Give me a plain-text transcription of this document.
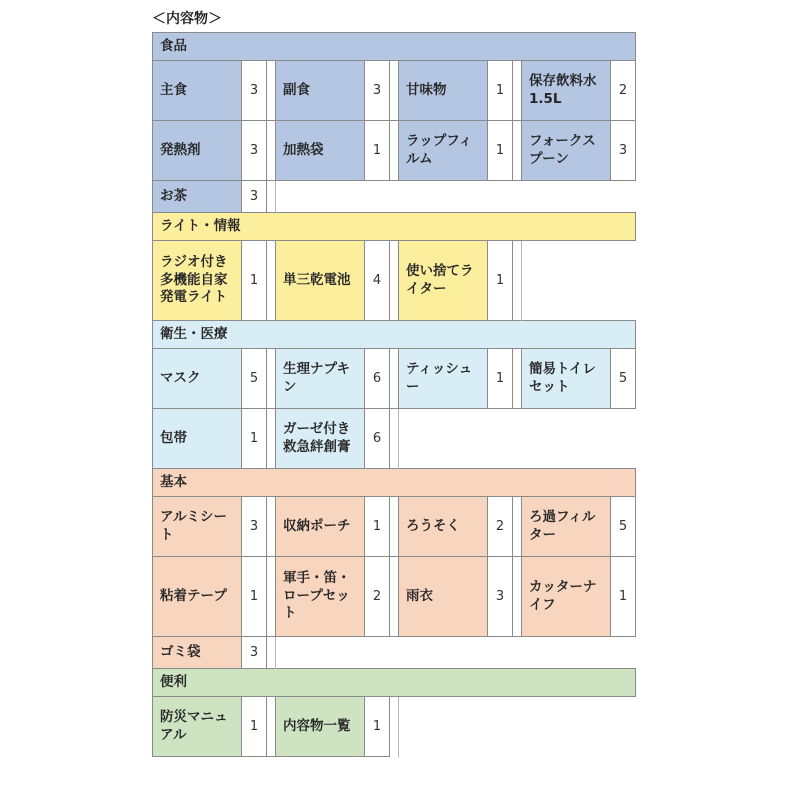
＜内容物＞
食品										
主食	3		副食	3		甘味物	1		保存飲料水1.5L	2
発熱剤	3		加熱袋	1		ラップフィルム	1		フォークスプーン	3
お茶	3									
ライト・情報										
ラジオ付き多機能自家発電ライト	1		単三乾電池	4		使い捨てライター	1			
衛生・医療										
マスク	5		生理ナプキン	6		ティッシュー	1		簡易トイレセット	5
包帯	1		ガーゼ付き救急絆創膏	6						
基本										
アルミシート	3		収納ポーチ	1		ろうそく	2		ろ過フィルター	5
粘着テープ	1		軍手・笛・ロープセット	2		雨衣	3		カッターナイフ	1
ゴミ袋	3									
便利										
防災マニュアル	1		内容物一覧	1						
